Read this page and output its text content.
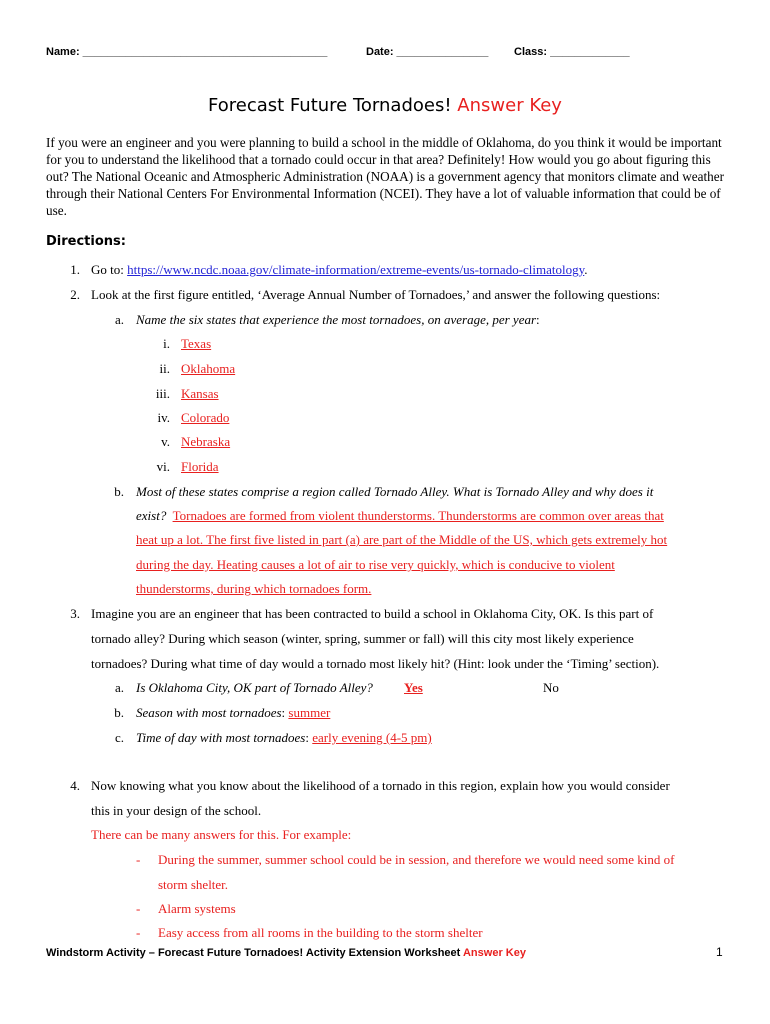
Name: ________________________________________	Date: _______________ Class: _____________
Forecast Future Tornadoes! Answer Key
If you were an engineer and you were planning to build a school in the middle of Oklahoma, do you think it would be important for you to understand the likelihood that a tornado could occur in that area? Definitely! How would you go about figuring this out? The National Oceanic and Atmospheric Administration (NOAA) is a government agency that monitors climate and weather through their National Centers For Environmental Information (NCEI). They have a lot of valuable information that could be of use.
Directions:
1. Go to: https://www.ncdc.noaa.gov/climate-information/extreme-events/us-tornado-climatology.
2. Look at the first figure entitled, ‘Average Annual Number of Tornadoes,’ and answer the following questions:
a. Name the six states that experience the most tornadoes, on average, per year:
i. Texas
ii. Oklahoma
iii. Kansas
iv. Colorado
v. Nebraska
vi. Florida
b. Most of these states comprise a region called Tornado Alley. What is Tornado Alley and why does it
exist? Tornadoes are formed from violent thunderstorms. Thunderstorms are common over areas that
heat up a lot. The first five listed in part (a) are part of the Middle of the US, which gets extremely hot
during the day. Heating causes a lot of air to rise very quickly, which is conducive to violent
thunderstorms, during which tornadoes form.
3. Imagine you are an engineer that has been contracted to build a school in Oklahoma City, OK. Is this part of
tornado alley? During which season (winter, spring, summer or fall) will this city most likely experience
tornadoes? During what time of day would a tornado most likely hit? (Hint: look under the ‘Timing’ section).
a. Is Oklahoma City, OK part of Tornado Alley? Yes	No
b. Season with most tornadoes: summer
c. Time of day with most tornadoes: early evening (4-5 pm)
4. Now knowing what you know about the likelihood of a tornado in this region, explain how you would consider
this in your design of the school.
There can be many answers for this. For example:
- During the summer, summer school could be in session, and therefore we would need some kind of
storm shelter.
- Alarm systems
- Easy access from all rooms in the building to the storm shelter
Windstorm Activity – Forecast Future Tornadoes! Activity Extension Worksheet Answer Key	1
